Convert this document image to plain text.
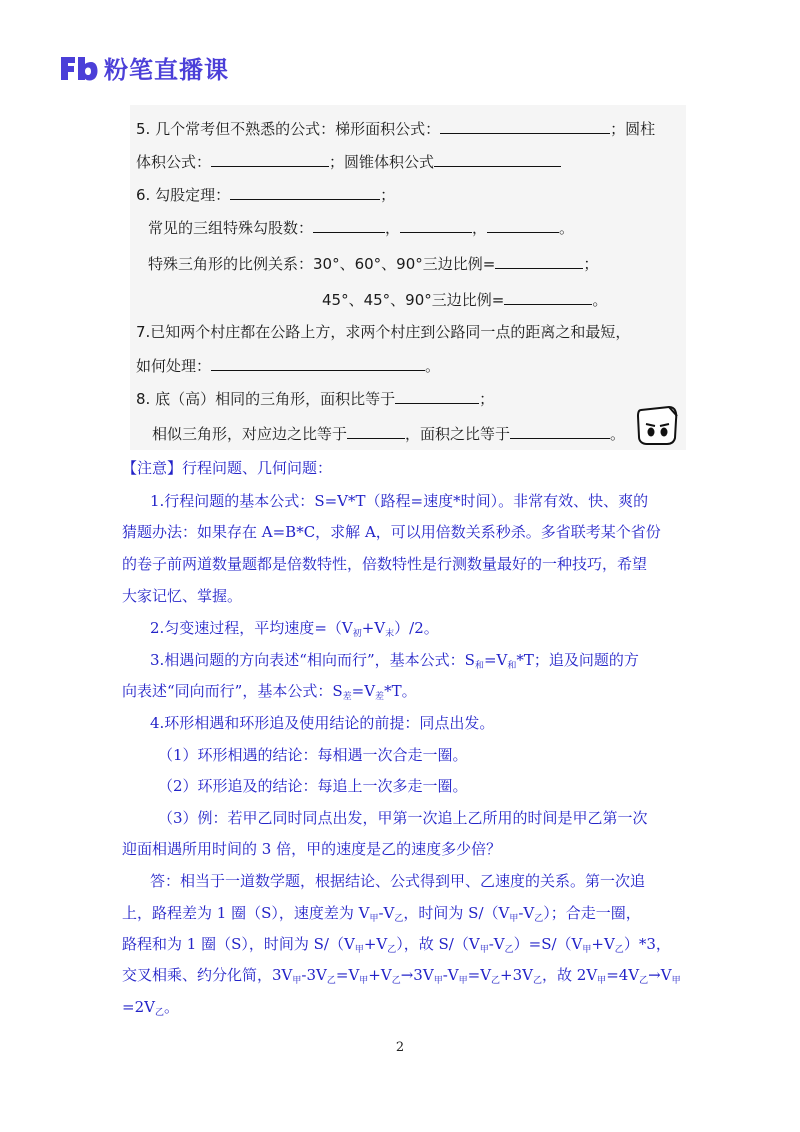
粉笔直播课
5. 几个常考但不熟悉的公式：梯形面积公式：	；圆柱
体积公式：	；圆锥体积公式
6. 勾股定理：	；
常见的三组特殊勾股数：	，	，	。
特殊三角形的比例关系：30°、60°、90°三边比例=	；
45°、45°、90°三边比例=	。
7.已知两个村庄都在公路上方，求两个村庄到公路同一点的距离之和最短，
如何处理：	。
8. 底（高）相同的三角形，面积比等于	；
相似三角形，对应边之比等于	，面积之比等于	。
【注意】行程问题、几何问题：
1.行程问题的基本公式：S=V*T（路程=速度*时间）。非常有效、快、爽的
猜题办法：如果存在 A=B*C，求解 A，可以用倍数关系秒杀。多省联考某个省份
的卷子前两道数量题都是倍数特性，倍数特性是行测数量最好的一种技巧，希望
大家记忆、掌握。
2.匀变速过程，平均速度$=(V_初+V_末)/2$。
3.相遇问题的方向表述“相向而行”，基本公式：$S_和=V_和*T$；追及问题的方
向表述“同向而行”，基本公式：$S_差=V_差*T$。
4.环形相遇和环形追及使用结论的前提：同点出发。
（1）环形相遇的结论：每相遇一次合走一圈。
（2）环形追及的结论：每追上一次多走一圈。
（3）例：若甲乙同时同点出发，甲第一次追上乙所用的时间是甲乙第一次
迎面相遇所用时间的 3 倍，甲的速度是乙的速度多少倍？
答：相当于一道数学题，根据结论、公式得到甲、乙速度的关系。第一次追
上，路程差为 1 圈（S），速度差为 $V_甲-V_乙$，时间为 $S/(V_甲-V_乙)$；合走一圈，
路程和为 1 圈（S），时间为 $S/(V_甲+V_乙)$，故 $S/(V_甲-V_乙)=S/(V_甲+V_乙)*3$，
交叉相乘、约分化简，$3V_甲-3V_乙=V_甲+V_乙\to 3V_甲-V_甲=V_乙+3V_乙$，故 $2V_甲=4V_乙\to V_甲$
$=2V_乙$。
2
